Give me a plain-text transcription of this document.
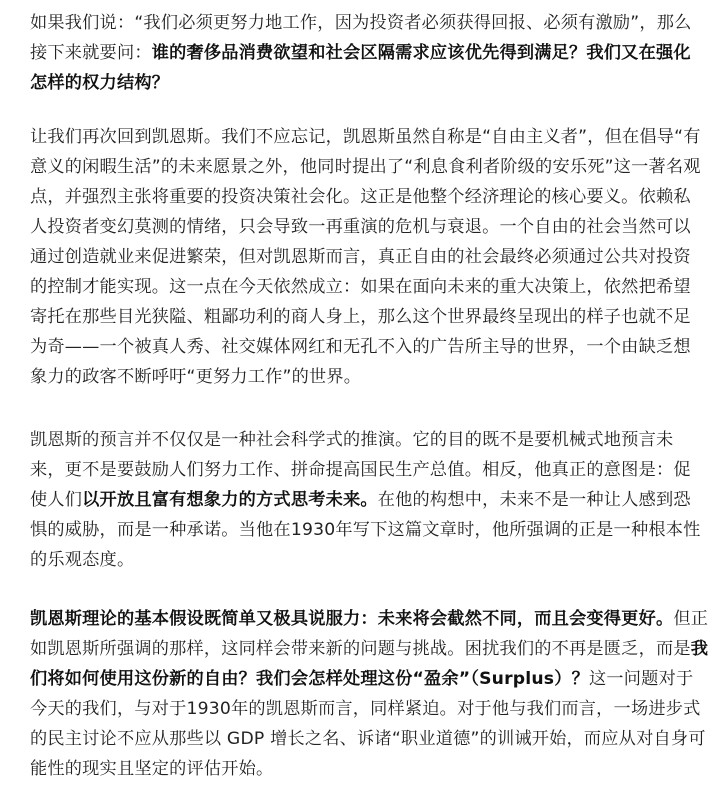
如果我们说：“我们必须更努力地工作，因为投资者必须获得回报、必须有激励”，那么接下来就要问：谁的奢侈品消费欲望和社会区隔需求应该优先得到满足？我们又在强化怎样的权力结构？

让我们再次回到凯恩斯。我们不应忘记，凯恩斯虽然自称是“自由主义者”，但在倡导“有意义的闲暇生活”的未来愿景之外，他同时提出了“利息食利者阶级的安乐死”这一著名观点，并强烈主张将重要的投资决策社会化。这正是他整个经济理论的核心要义。依赖私人投资者变幻莫测的情绪，只会导致一再重演的危机与衰退。一个自由的社会当然可以通过创造就业来促进繁荣，但对凯恩斯而言，真正自由的社会最终必须通过公共对投资的控制才能实现。这一点在今天依然成立：如果在面向未来的重大决策上，依然把希望寄托在那些目光狭隘、粗鄙功利的商人身上，那么这个世界最终呈现出的样子也就不足为奇——一个被真人秀、社交媒体网红和无孔不入的广告所主导的世界，一个由缺乏想象力的政客不断呼吁“更努力工作”的世界。

凯恩斯的预言并不仅仅是一种社会科学式的推演。它的目的既不是要机械式地预言未来，更不是要鼓励人们努力工作、拼命提高国民生产总值。相反，他真正的意图是：促使人们以开放且富有想象力的方式思考未来。在他的构想中，未来不是一种让人感到恐惧的威胁，而是一种承诺。当他在1930年写下这篇文章时，他所强调的正是一种根本性的乐观态度。

凯恩斯理论的基本假设既简单又极具说服力：未来将会截然不同，而且会变得更好。但正如凯恩斯所强调的那样，这同样会带来新的问题与挑战。困扰我们的不再是匮乏，而是我们将如何使用这份新的自由？我们会怎样处理这份“盈余”（Surplus）？这一问题对于今天的我们，与对于1930年的凯恩斯而言，同样紧迫。对于他与我们而言，一场进步式的民主讨论不应从那些以 GDP 增长之名、诉诸“职业道德”的训诫开始，而应从对自身可能性的现实且坚定的评估开始。
